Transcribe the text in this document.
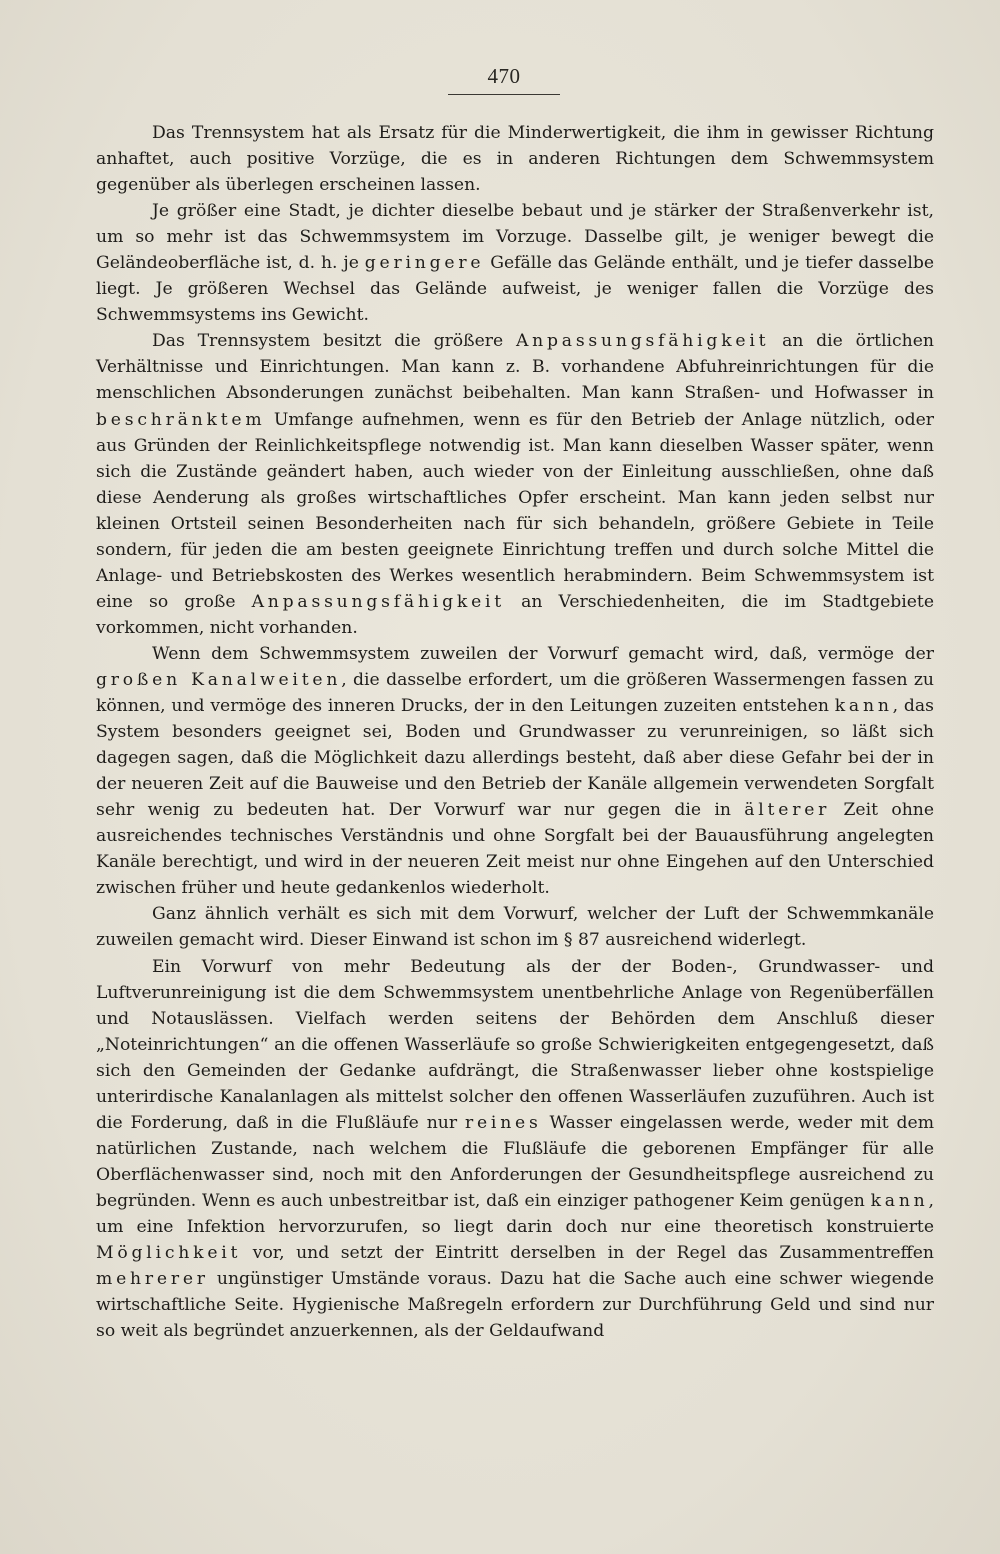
470

Das Trennsystem hat als Ersatz für die Minderwertigkeit, die ihm in gewisser Richtung anhaftet, auch positive Vorzüge, die es in anderen Richtungen dem Schwemmsystem gegenüber als überlegen erscheinen lassen.

Je größer eine Stadt, je dichter dieselbe bebaut und je stärker der Straßenverkehr ist, um so mehr ist das Schwemmsystem im Vorzuge. Dasselbe gilt, je weniger bewegt die Geländeoberfläche ist, d. h. je geringere Gefälle das Gelände enthält, und je tiefer dasselbe liegt. Je größeren Wechsel das Gelände aufweist, je weniger fallen die Vorzüge des Schwemmsystems ins Gewicht.

Das Trennsystem besitzt die größere Anpassungsfähigkeit an die örtlichen Verhältnisse und Einrichtungen. Man kann z. B. vorhandene Abfuhreinrichtungen für die menschlichen Absonderungen zunächst beibehalten. Man kann Straßen- und Hofwasser in beschränktem Umfange aufnehmen, wenn es für den Betrieb der Anlage nützlich, oder aus Gründen der Reinlichkeitspflege notwendig ist. Man kann dieselben Wasser später, wenn sich die Zustände geändert haben, auch wieder von der Einleitung ausschließen, ohne daß diese Aenderung als großes wirtschaftliches Opfer erscheint. Man kann jeden selbst nur kleinen Ortsteil seinen Besonderheiten nach für sich behandeln, größere Gebiete in Teile sondern, für jeden die am besten geeignete Einrichtung treffen und durch solche Mittel die Anlage- und Betriebskosten des Werkes wesentlich herabmindern. Beim Schwemmsystem ist eine so große Anpassungsfähigkeit an Verschiedenheiten, die im Stadtgebiete vorkommen, nicht vorhanden.

Wenn dem Schwemmsystem zuweilen der Vorwurf gemacht wird, daß, vermöge der großen Kanalweiten, die dasselbe erfordert, um die größeren Wassermengen fassen zu können, und vermöge des inneren Drucks, der in den Leitungen zuzeiten entstehen kann, das System besonders geeignet sei, Boden und Grundwasser zu verunreinigen, so läßt sich dagegen sagen, daß die Möglichkeit dazu allerdings besteht, daß aber diese Gefahr bei der in der neueren Zeit auf die Bauweise und den Betrieb der Kanäle allgemein verwendeten Sorgfalt sehr wenig zu bedeuten hat. Der Vorwurf war nur gegen die in älterer Zeit ohne ausreichendes technisches Verständnis und ohne Sorgfalt bei der Bauausführung angelegten Kanäle berechtigt, und wird in der neueren Zeit meist nur ohne Eingehen auf den Unterschied zwischen früher und heute gedankenlos wiederholt.

Ganz ähnlich verhält es sich mit dem Vorwurf, welcher der Luft der Schwemmkanäle zuweilen gemacht wird. Dieser Einwand ist schon im § 87 ausreichend widerlegt.

Ein Vorwurf von mehr Bedeutung als der der Boden-, Grundwasser- und Luftverunreinigung ist die dem Schwemmsystem unentbehrliche Anlage von Regenüberfällen und Notauslässen. Vielfach werden seitens der Behörden dem Anschluß dieser „Noteinrichtungen“ an die offenen Wasserläufe so große Schwierigkeiten entgegengesetzt, daß sich den Gemeinden der Gedanke aufdrängt, die Straßenwasser lieber ohne kostspielige unterirdische Kanalanlagen als mittelst solcher den offenen Wasserläufen zuzuführen. Auch ist die Forderung, daß in die Flußläufe nur reines Wasser eingelassen werde, weder mit dem natürlichen Zustande, nach welchem die Flußläufe die geborenen Empfänger für alle Oberflächenwasser sind, noch mit den Anforderungen der Gesundheitspflege ausreichend zu begründen. Wenn es auch unbestreitbar ist, daß ein einziger pathogener Keim genügen kann, um eine Infektion hervorzurufen, so liegt darin doch nur eine theoretisch konstruierte Möglichkeit vor, und setzt der Eintritt derselben in der Regel das Zusammentreffen mehrerer ungünstiger Umstände voraus. Dazu hat die Sache auch eine schwer wiegende wirtschaftliche Seite. Hygienische Maßregeln erfordern zur Durchführung Geld und sind nur so weit als begründet anzuerkennen, als der Geldaufwand
